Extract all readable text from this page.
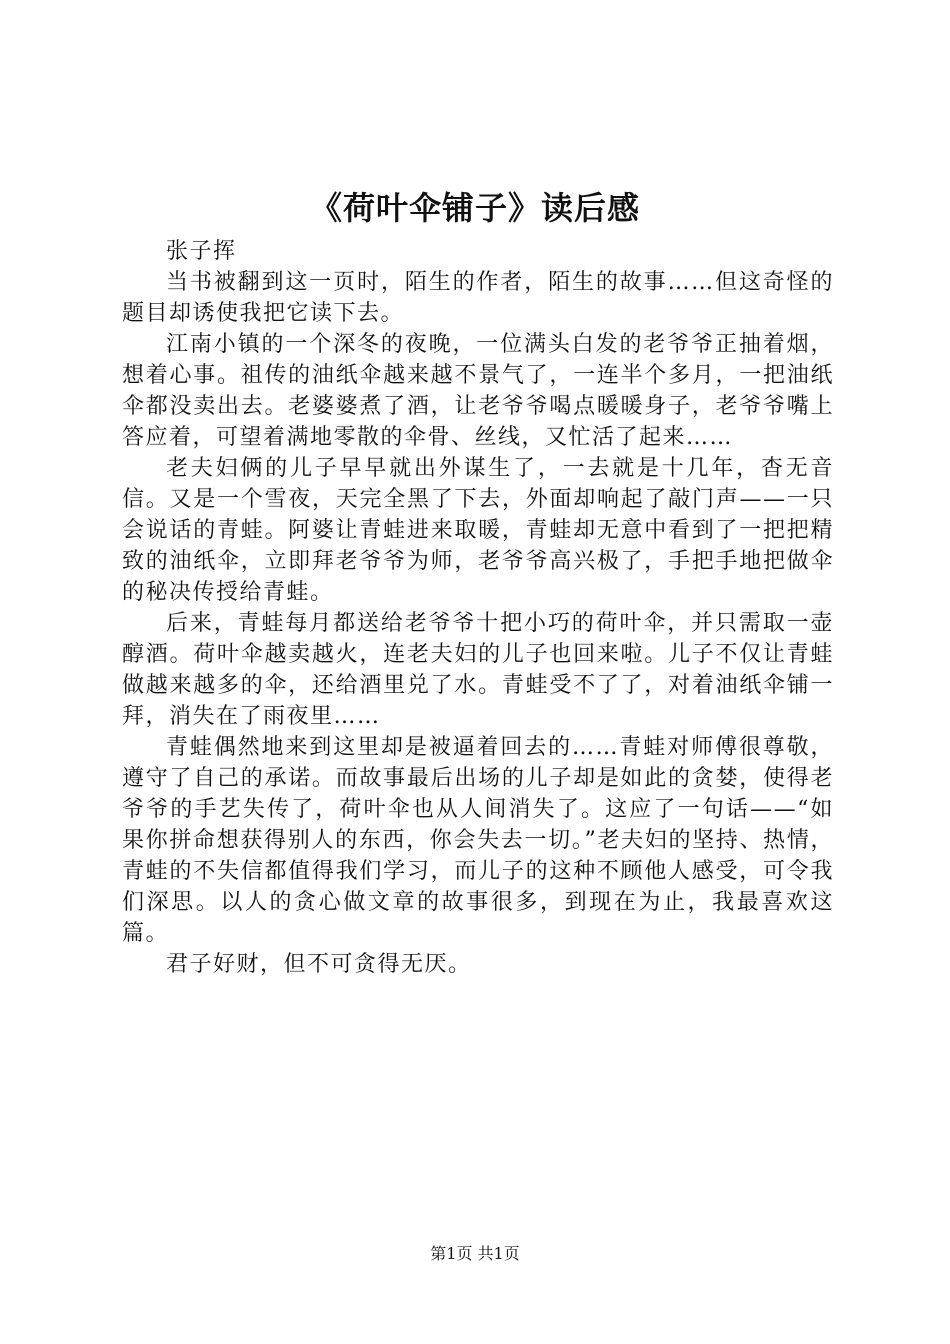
《荷叶伞铺子》读后感

张子挥

当书被翻到这一页时，陌生的作者，陌生的故事……但这奇怪的题目却诱使我把它读下去。

江南小镇的一个深冬的夜晚，一位满头白发的老爷爷正抽着烟，想着心事。祖传的油纸伞越来越不景气了，一连半个多月，一把油纸伞都没卖出去。老婆婆煮了酒，让老爷爷喝点暖暖身子，老爷爷嘴上答应着，可望着满地零散的伞骨、丝线，又忙活了起来……

老夫妇俩的儿子早早就出外谋生了，一去就是十几年，杳无音信。又是一个雪夜，天完全黑了下去，外面却响起了敲门声——一只会说话的青蛙。阿婆让青蛙进来取暖，青蛙却无意中看到了一把把精致的油纸伞，立即拜老爷爷为师，老爷爷高兴极了，手把手地把做伞的秘决传授给青蛙。

后来，青蛙每月都送给老爷爷十把小巧的荷叶伞，并只需取一壶醇酒。荷叶伞越卖越火，连老夫妇的儿子也回来啦。儿子不仅让青蛙做越来越多的伞，还给酒里兑了水。青蛙受不了了，对着油纸伞铺一拜，消失在了雨夜里……

青蛙偶然地来到这里却是被逼着回去的……青蛙对师傅很尊敬，遵守了自己的承诺。而故事最后出场的儿子却是如此的贪婪，使得老爷爷的手艺失传了，荷叶伞也从人间消失了。这应了一句话——“如果你拼命想获得别人的东西，你会失去一切。”老夫妇的坚持、热情，青蛙的不失信都值得我们学习，而儿子的这种不顾他人感受，可令我们深思。以人的贪心做文章的故事很多，到现在为止，我最喜欢这篇。

君子好财，但不可贪得无厌。

第1页 共1页
